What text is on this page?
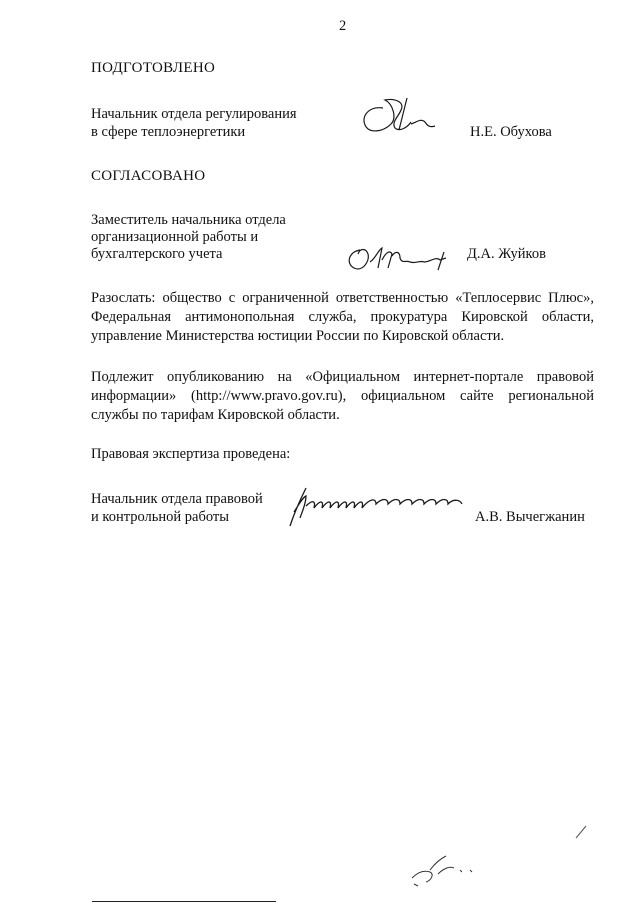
2
ПОДГОТОВЛЕНО
Начальник отдела регулирования
в сфере теплоэнергетики	Н.Е. Обухова
СОГЛАСОВАНО
Заместитель начальника отдела
организационной работы и
бухгалтерского учета	Д.А. Жуйков
Разослать: общество с ограниченной ответственностью «Теплосервис Плюс», Федеральная антимонопольная служба, прокуратура Кировской области, управление Министерства юстиции России по Кировской области.
Подлежит опубликованию на «Официальном интернет-портале правовой информации» (http://www.pravo.gov.ru), официальном сайте региональной службы по тарифам Кировской области.
Правовая экспертиза проведена:
Начальник отдела правовой
и контрольной работы	А.В. Вычегжанин
